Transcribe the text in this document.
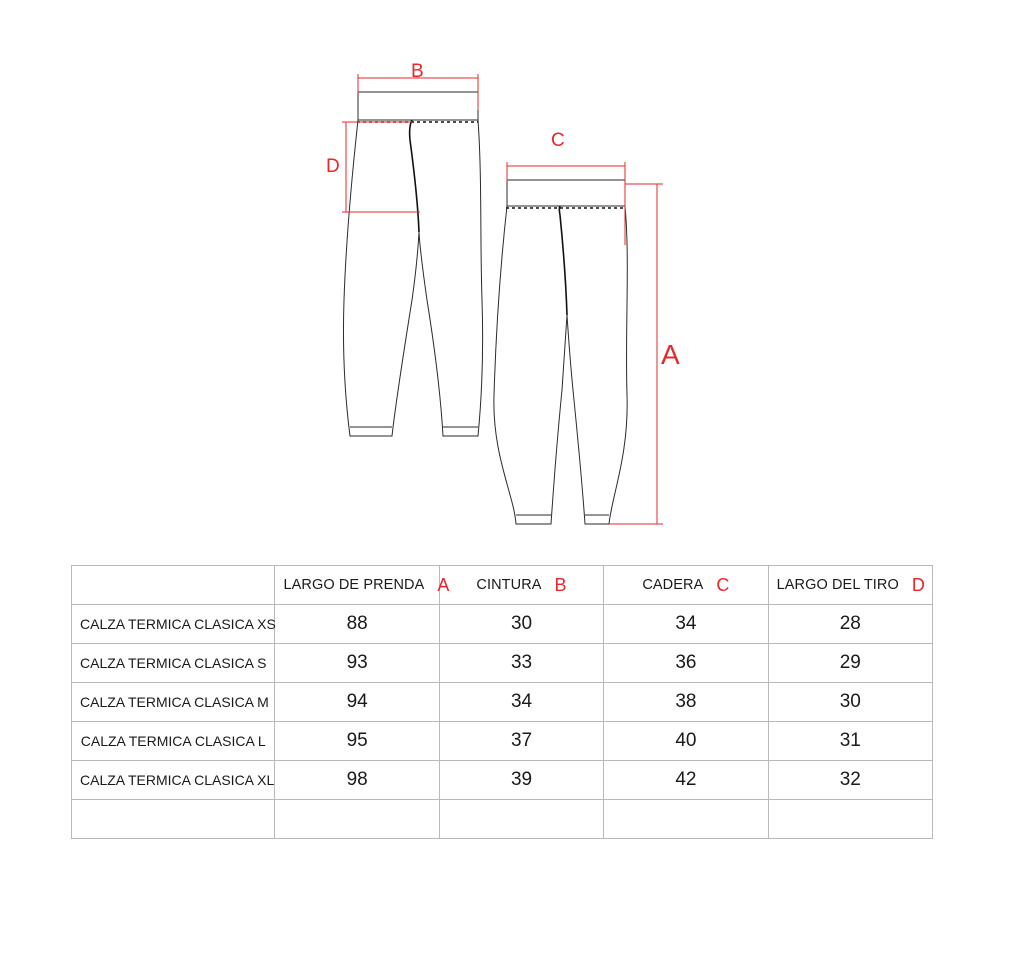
B
D
C
A

	LARGO DE PRENDA A	CINTURA B	CADERA C	LARGO DEL TIRO D

CALZA TERMICA CLASICA XS	88	30	34	28
CALZA TERMICA CLASICA S	93	33	36	29
CALZA TERMICA CLASICA M	94	34	38	30
CALZA TERMICA CLASICA L	95	37	40	31
CALZA TERMICA CLASICA XL	98	39	42	32
